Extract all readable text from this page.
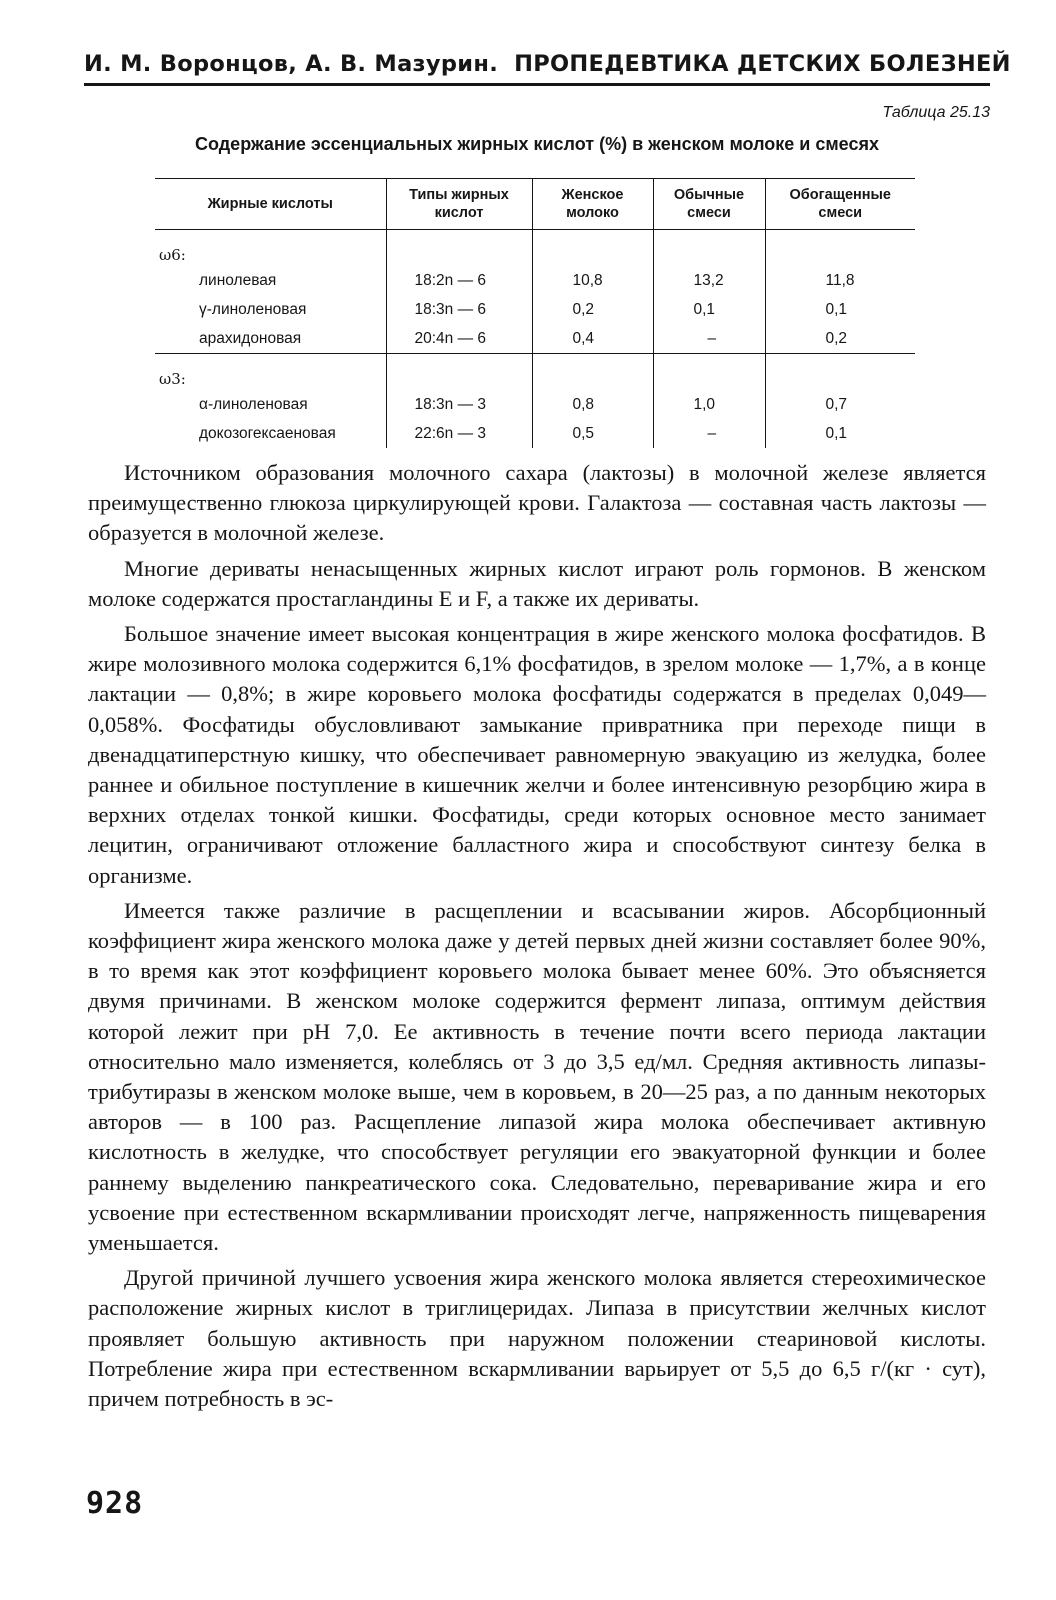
И. М. Воронцов, А. В. Мазурин. ПРОПЕДЕВТИКА ДЕТСКИХ БОЛЕЗНЕЙ
Таблица 25.13
Содержание эссенциальных жирных кислот (%) в женском молоке и смесях
Жирные кислоты	Типы жирных кислот	Женское молоко	Обычные смеси	Обогащенные смеси
ω6:				
линолевая	18:2n — 6	10,8	13,2	11,8
γ-линоленовая	18:3n — 6	0,2	0,1	0,1
арахидоновая	20:4n — 6	0,4	–	0,2
ω3:				
α-линоленовая	18:3n — 3	0,8	1,0	0,7
докозогексаеновая	22:6n — 3	0,5	–	0,1

Источником образования молочного сахара (лактозы) в молочной железе является преимущественно глюкоза циркулирующей крови. Галактоза — составная часть лактозы — образуется в молочной железе.

Многие дериваты ненасыщенных жирных кислот играют роль гормонов. В женском молоке содержатся простагландины E и F, а также их дериваты.

Большое значение имеет высокая концентрация в жире женского молока фосфатидов. В жире молозивного молока содержится 6,1% фосфатидов, в зрелом молоке — 1,7%, а в конце лактации — 0,8%; в жире коровьего молока фосфатиды содержатся в пределах 0,049—0,058%. Фосфатиды обусловливают замыкание привратника при переходе пищи в двенадцатиперстную кишку, что обеспечивает равномерную эвакуацию из желудка, более раннее и обильное поступление в кишечник желчи и более интенсивную резорбцию жира в верхних отделах тонкой кишки. Фосфатиды, среди которых основное место занимает лецитин, ограничивают отложение балластного жира и способствуют синтезу белка в организме.

Имеется также различие в расщеплении и всасывании жиров. Абсорбционный коэффициент жира женского молока даже у детей первых дней жизни составляет более 90%, в то время как этот коэффициент коровьего молока бывает менее 60%. Это объясняется двумя причинами. В женском молоке содержится фермент липаза, оптимум действия которой лежит при pH 7,0. Ее активность в течение почти всего периода лактации относительно мало изменяется, колеблясь от 3 до 3,5 ед/мл. Средняя активность липазы-трибутиразы в женском молоке выше, чем в коровьем, в 20—25 раз, а по данным некоторых авторов — в 100 раз. Расщепление липазой жира молока обеспечивает активную кислотность в желудке, что способствует регуляции его эвакуаторной функции и более раннему выделению панкреатического сока. Следовательно, переваривание жира и его усвоение при естественном вскармливании происходят легче, напряженность пищеварения уменьшается.

Другой причиной лучшего усвоения жира женского молока является стереохимическое расположение жирных кислот в триглицеридах. Липаза в присутствии желчных кислот проявляет большую активность при наружном положении стеариновой кислоты. Потребление жира при естественном вскармливании варьирует от 5,5 до 6,5 г/(кг · сут), причем потребность в эс-

928
